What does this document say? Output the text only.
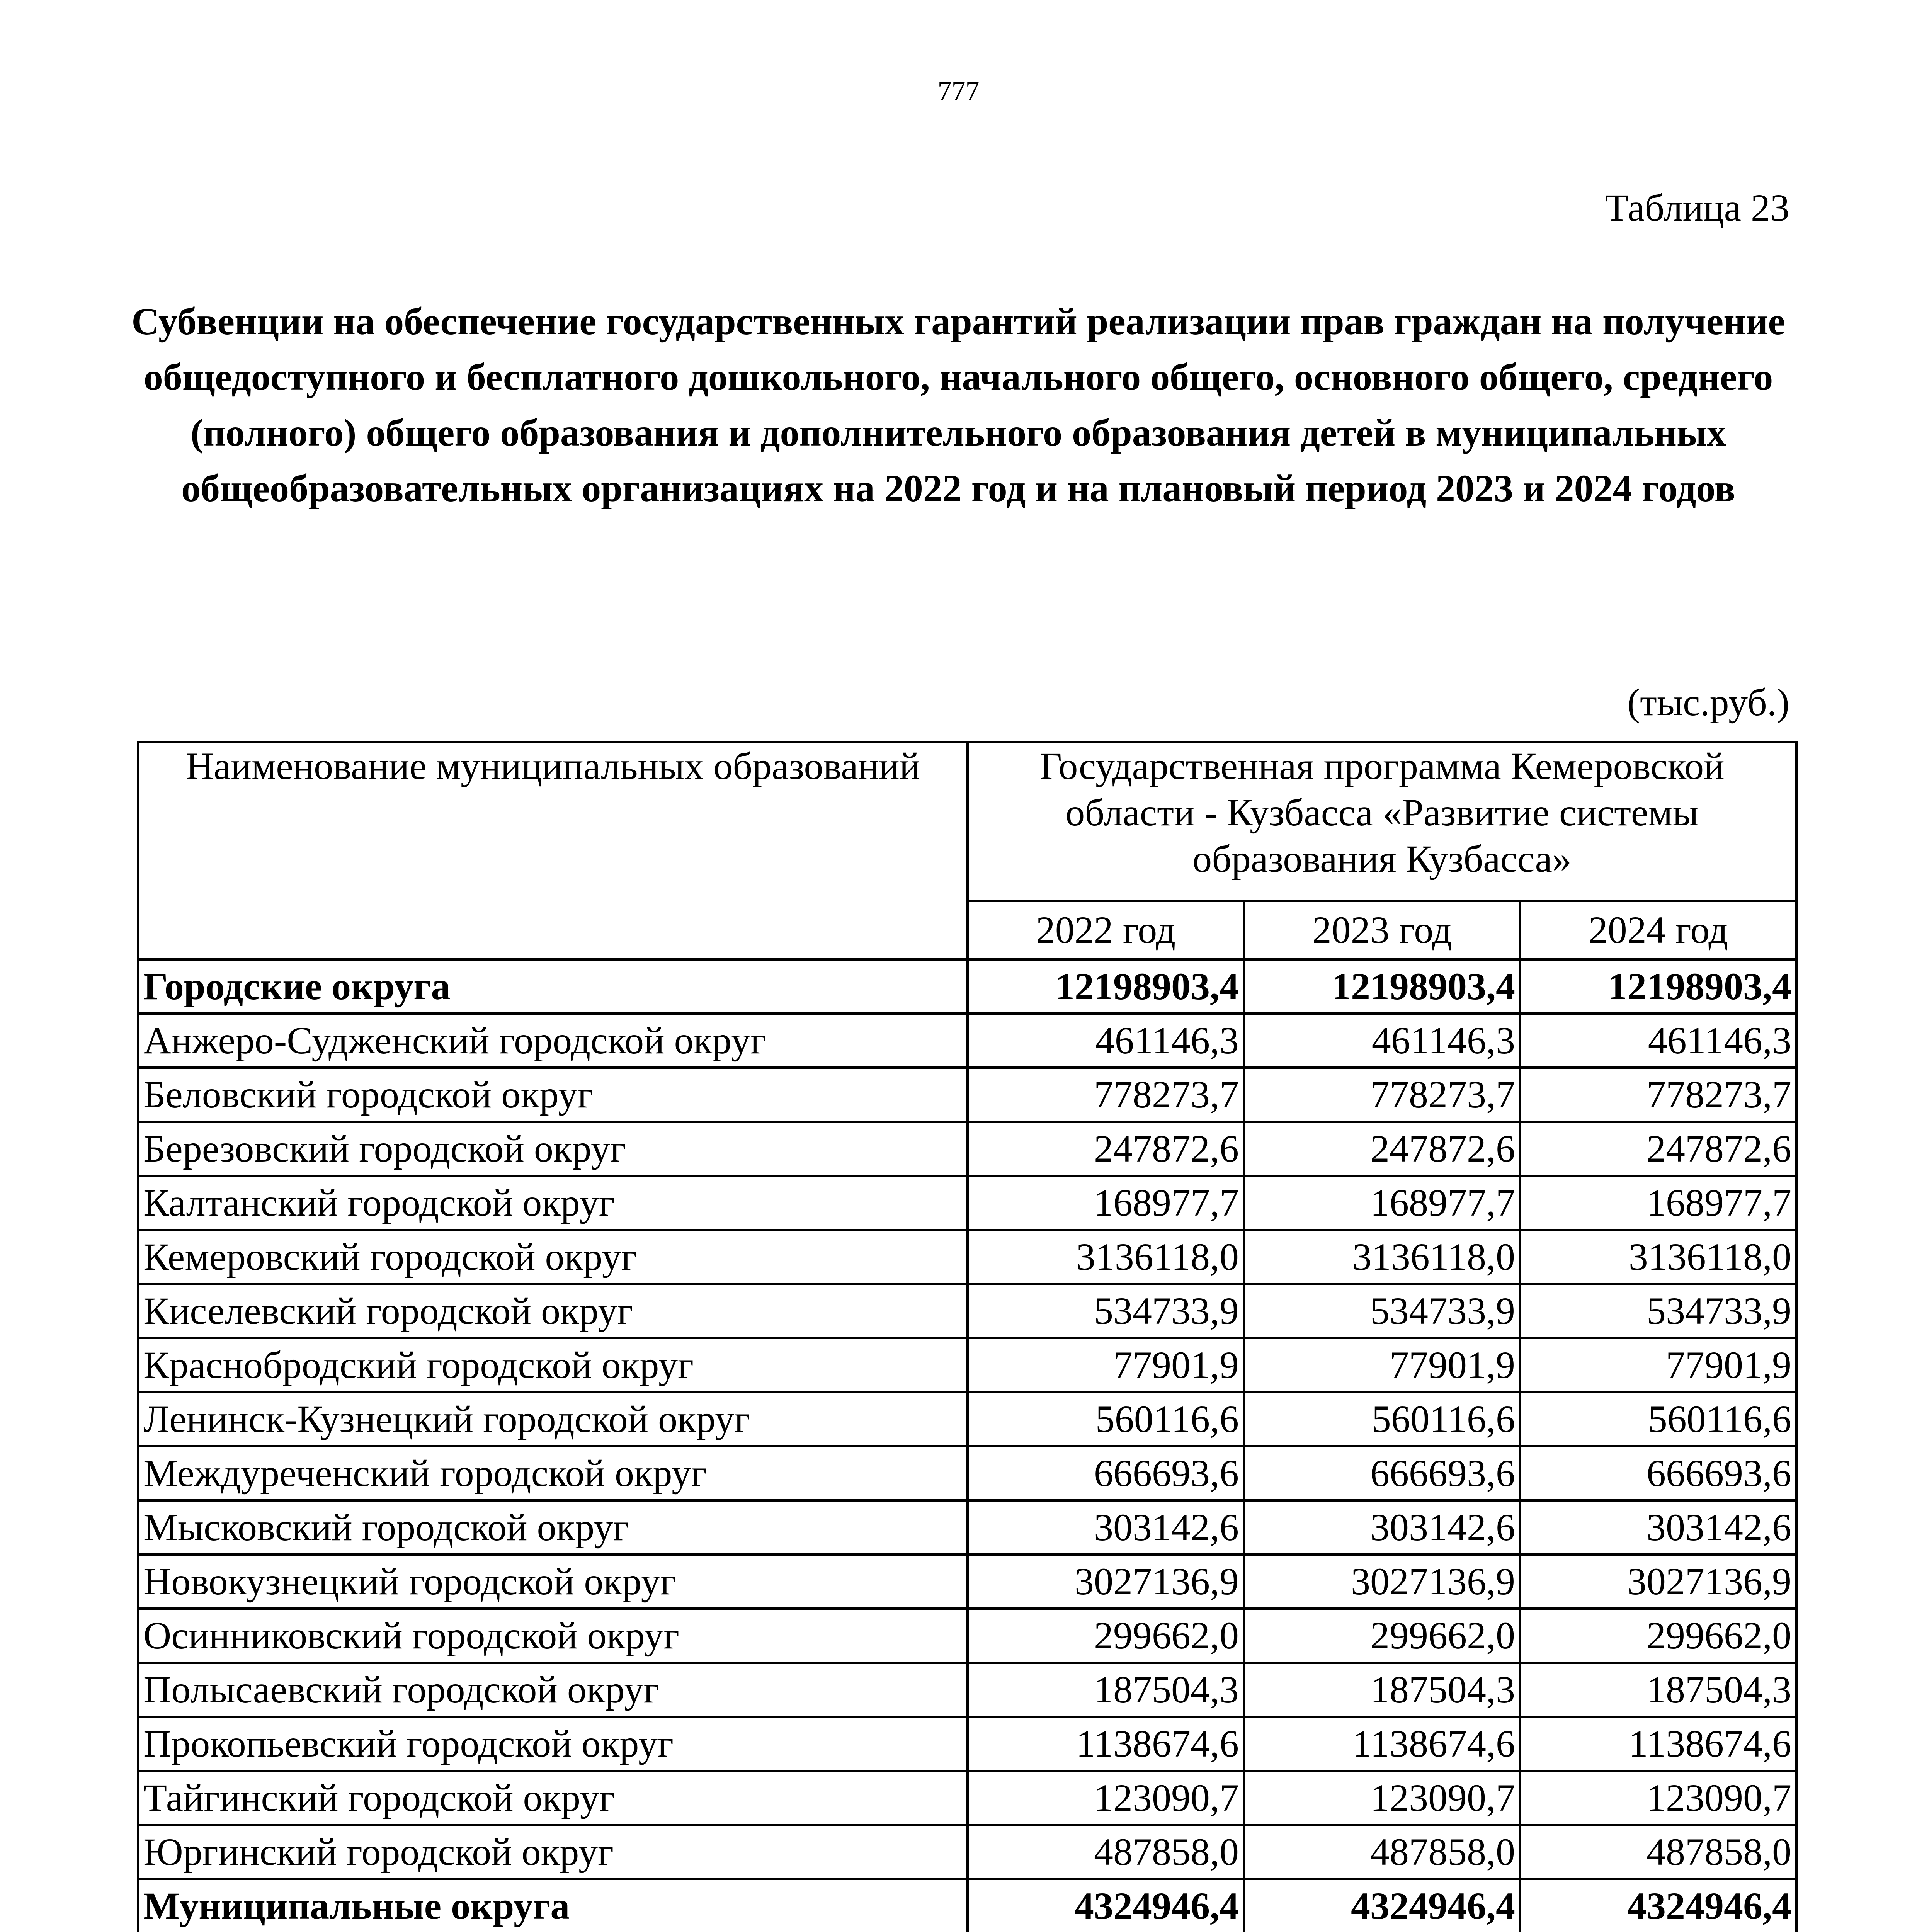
777
Таблица 23
Субвенции на обеспечение государственных гарантий реализации прав граждан на получение общедоступного и бесплатного дошкольного, начального общего, основного общего, среднего (полного) общего образования и дополнительного образования детей в муниципальных общеобразовательных организациях на 2022 год и на плановый период 2023 и 2024 годов
(тыс.руб.)
Наименование муниципальных образований	Государственная программа Кемеровской области - Кузбасса «Развитие системы образования Кузбасса»		
	2022 год	2023 год	2024 год
Городские округа	12198903,4	12198903,4	12198903,4
Анжеро-Судженский городской округ	461146,3	461146,3	461146,3
Беловский городской округ	778273,7	778273,7	778273,7
Березовский городской округ	247872,6	247872,6	247872,6
Калтанский городской округ	168977,7	168977,7	168977,7
Кемеровский городской округ	3136118,0	3136118,0	3136118,0
Киселевский городской округ	534733,9	534733,9	534733,9
Краснобродский городской округ	77901,9	77901,9	77901,9
Ленинск-Кузнецкий городской округ	560116,6	560116,6	560116,6
Междуреченский городской округ	666693,6	666693,6	666693,6
Мысковский городской округ	303142,6	303142,6	303142,6
Новокузнецкий городской округ	3027136,9	3027136,9	3027136,9
Осинниковский городской округ	299662,0	299662,0	299662,0
Полысаевский городской округ	187504,3	187504,3	187504,3
Прокопьевский городской округ	1138674,6	1138674,6	1138674,6
Тайгинский городской округ	123090,7	123090,7	123090,7
Юргинский городской округ	487858,0	487858,0	487858,0
Муниципальные округа	4324946,4	4324946,4	4324946,4
